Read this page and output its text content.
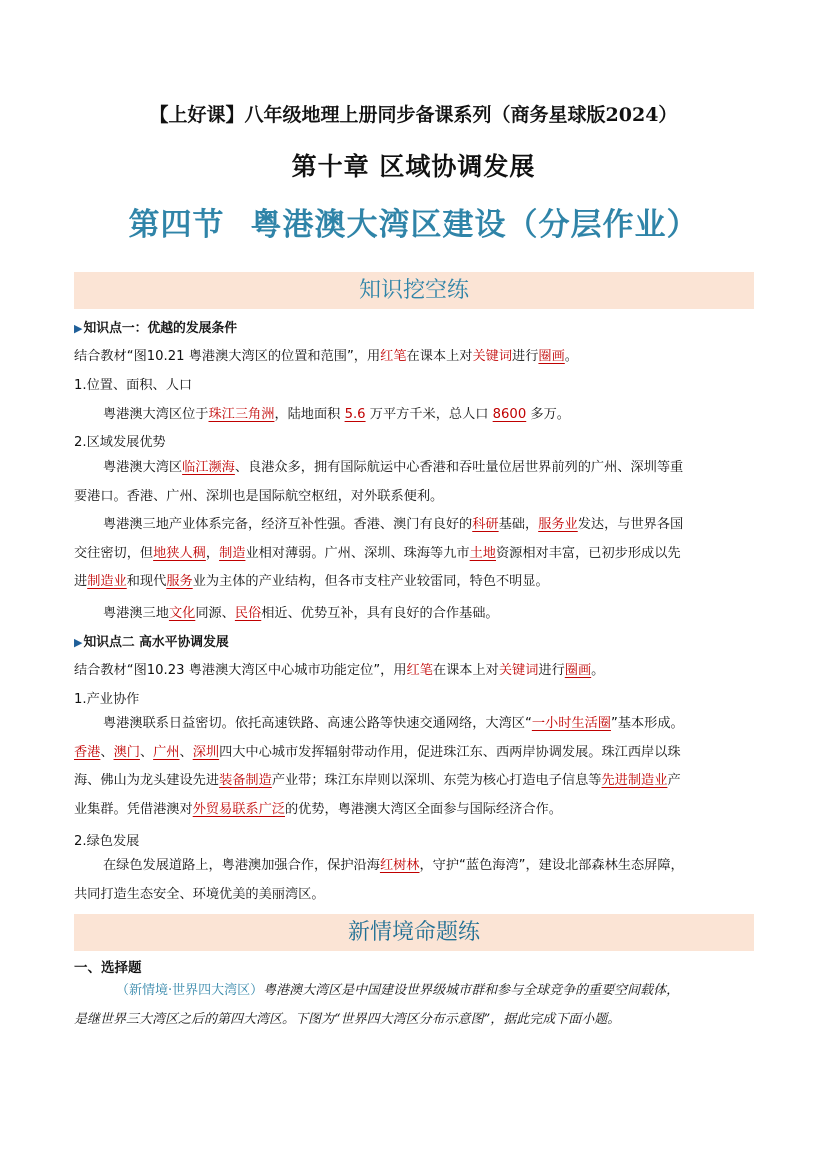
【上好课】八年级地理上册同步备课系列（商务星球版2024）
第十章 区域协调发展
第四节 粤港澳大湾区建设（分层作业）
知识挖空练
▶知识点一：优越的发展条件
结合教材“图10.21 粤港澳大湾区的位置和范围”，用红笔在课本上对关键词进行圈画。
1.位置、面积、人口
粤港澳大湾区位于珠江三角洲，陆地面积 5.6 万平方千米，总人口 8600 多万。
2.区域发展优势
粤港澳大湾区临江濒海、良港众多，拥有国际航运中心香港和吞吐量位居世界前列的广州、深圳等重
要港口。香港、广州、深圳也是国际航空枢纽，对外联系便利。
粤港澳三地产业体系完备，经济互补性强。香港、澳门有良好的科研基础，服务业发达，与世界各国
交往密切，但地狭人稠，制造业相对薄弱。广州、深圳、珠海等九市土地资源相对丰富，已初步形成以先
进制造业和现代服务业为主体的产业结构，但各市支柱产业较雷同，特色不明显。
粤港澳三地文化同源、民俗相近、优势互补，具有良好的合作基础。
▶知识点二 高水平协调发展
结合教材“图10.23 粤港澳大湾区中心城市功能定位”，用红笔在课本上对关键词进行圈画。
1.产业协作
粤港澳联系日益密切。依托高速铁路、高速公路等快速交通网络，大湾区“一小时生活圈”基本形成。
香港、澳门、广州、深圳四大中心城市发挥辐射带动作用，促进珠江东、西两岸协调发展。珠江西岸以珠
海、佛山为龙头建设先进装备制造产业带；珠江东岸则以深圳、东莞为核心打造电子信息等先进制造业产
业集群。凭借港澳对外贸易联系广泛的优势，粤港澳大湾区全面参与国际经济合作。
2.绿色发展
在绿色发展道路上，粤港澳加强合作，保护沿海红树林，守护“蓝色海湾”，建设北部森林生态屏障，
共同打造生态安全、环境优美的美丽湾区。
新情境命题练
一、选择题
（新情境·世界四大湾区）粤港澳大湾区是中国建设世界级城市群和参与全球竞争的重要空间载体，
是继世界三大湾区之后的第四大湾区。下图为“世界四大湾区分布示意图”，据此完成下面小题。
